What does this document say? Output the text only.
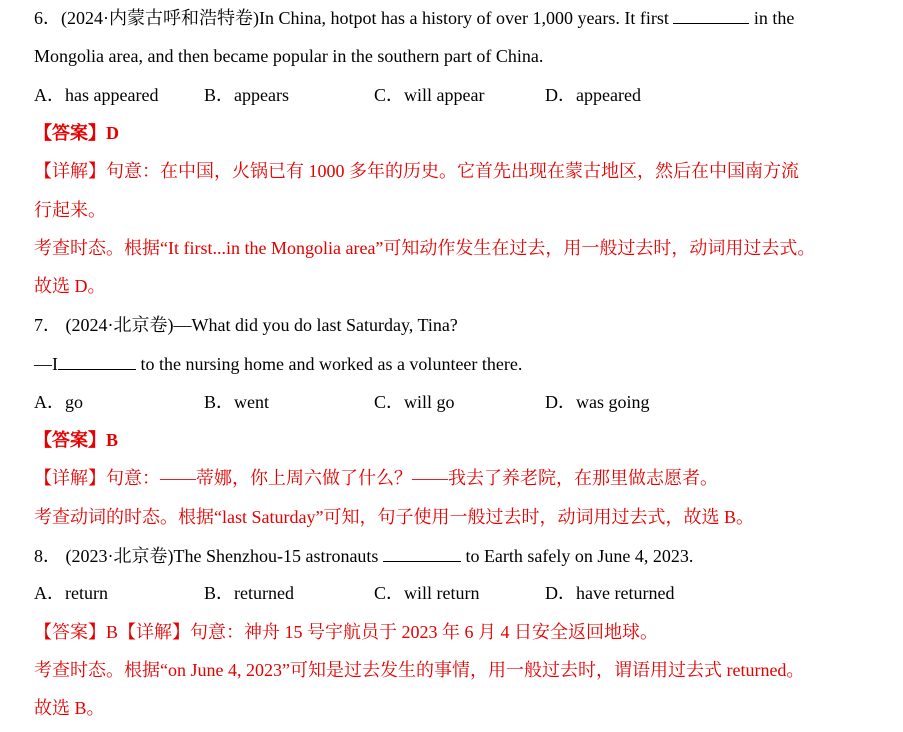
6．(2024·内蒙古呼和浩特卷)In China, hotpot has a history of over 1,000 years. It first	in the
Mongolia area, and then became popular in the southern part of China.
A．has appeared	B．appears	C．will appear	D．appeared
【答案】D
【详解】句意：在中国，火锅已有 1000 多年的历史。它首先出现在蒙古地区，然后在中国南方流
行起来。
考查时态。根据“It first...in the Mongolia area”可知动作发生在过去，用一般过去时，动词用过去式。
故选 D。
7． (2024·北京卷)—What did you do last Saturday, Tina?
—I	to the nursing home and worked as a volunteer there.
A．go	B．went	C．will go	D．was going
【答案】B
【详解】句意：——蒂娜，你上周六做了什么？——我去了养老院，在那里做志愿者。
考查动词的时态。根据“last Saturday”可知，句子使用一般过去时，动词用过去式，故选 B。
8． (2023·北京卷)The Shenzhou-15 astronauts	to Earth safely on June 4, 2023.
A．return	B．returned	C．will return	D．have returned
【答案】B【详解】句意：神舟 15 号宇航员于 2023 年 6 月 4 日安全返回地球。
考查时态。根据“on June 4, 2023”可知是过去发生的事情，用一般过去时，谓语用过去式 returned。
故选 B。
